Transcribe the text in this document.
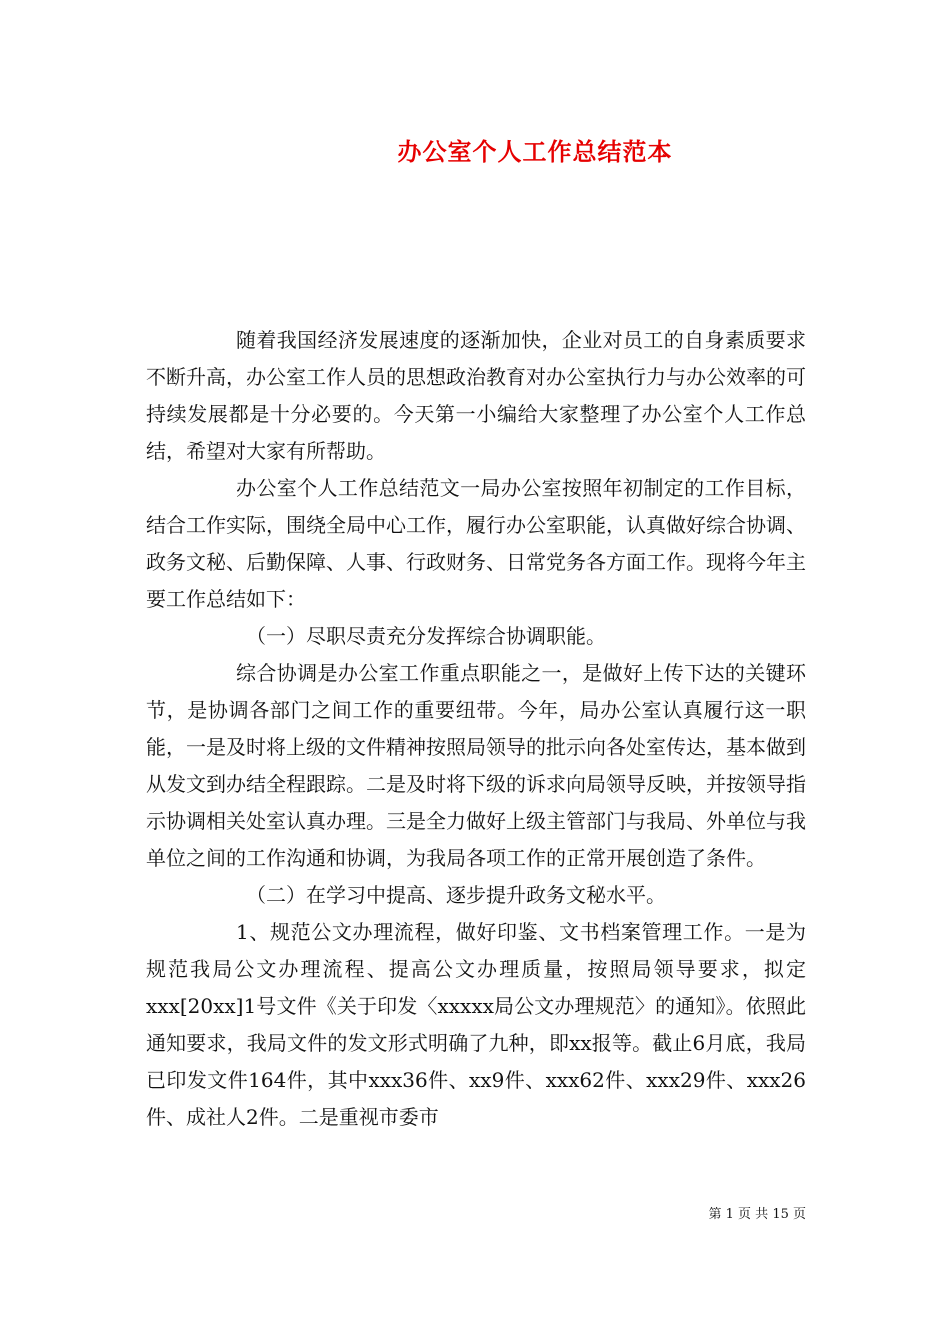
办公室个人工作总结范本

随着我国经济发展速度的逐渐加快，企业对员工的自身素质要求不断升高，办公室工作人员的思想政治教育对办公室执行力与办公效率的可持续发展都是十分必要的。今天第一小编给大家整理了办公室个人工作总结，希望对大家有所帮助。

办公室个人工作总结范文一局办公室按照年初制定的工作目标，结合工作实际，围绕全局中心工作，履行办公室职能，认真做好综合协调、政务文秘、后勤保障、人事、行政财务、日常党务各方面工作。现将今年主要工作总结如下：

（一）尽职尽责充分发挥综合协调职能。

综合协调是办公室工作重点职能之一，是做好上传下达的关键环节，是协调各部门之间工作的重要纽带。今年，局办公室认真履行这一职能，一是及时将上级的文件精神按照局领导的批示向各处室传达，基本做到从发文到办结全程跟踪。二是及时将下级的诉求向局领导反映，并按领导指示协调相关处室认真办理。三是全力做好上级主管部门与我局、外单位与我单位之间的工作沟通和协调，为我局各项工作的正常开展创造了条件。

（二）在学习中提高、逐步提升政务文秘水平。

1、规范公文办理流程，做好印鉴、文书档案管理工作。一是为规范我局公文办理流程、提高公文办理质量，按照局领导要求，拟定xxx[20xx]1号文件《关于印发〈xxxxx局公文办理规范〉的通知》。依照此通知要求，我局文件的发文形式明确了九种，即xx报等。截止6月底，我局已印发文件164件，其中xxx36件、xx9件、xxx62件、xxx29件、xxx26件、成社人2件。二是重视市委市

第 1 页 共 15 页
